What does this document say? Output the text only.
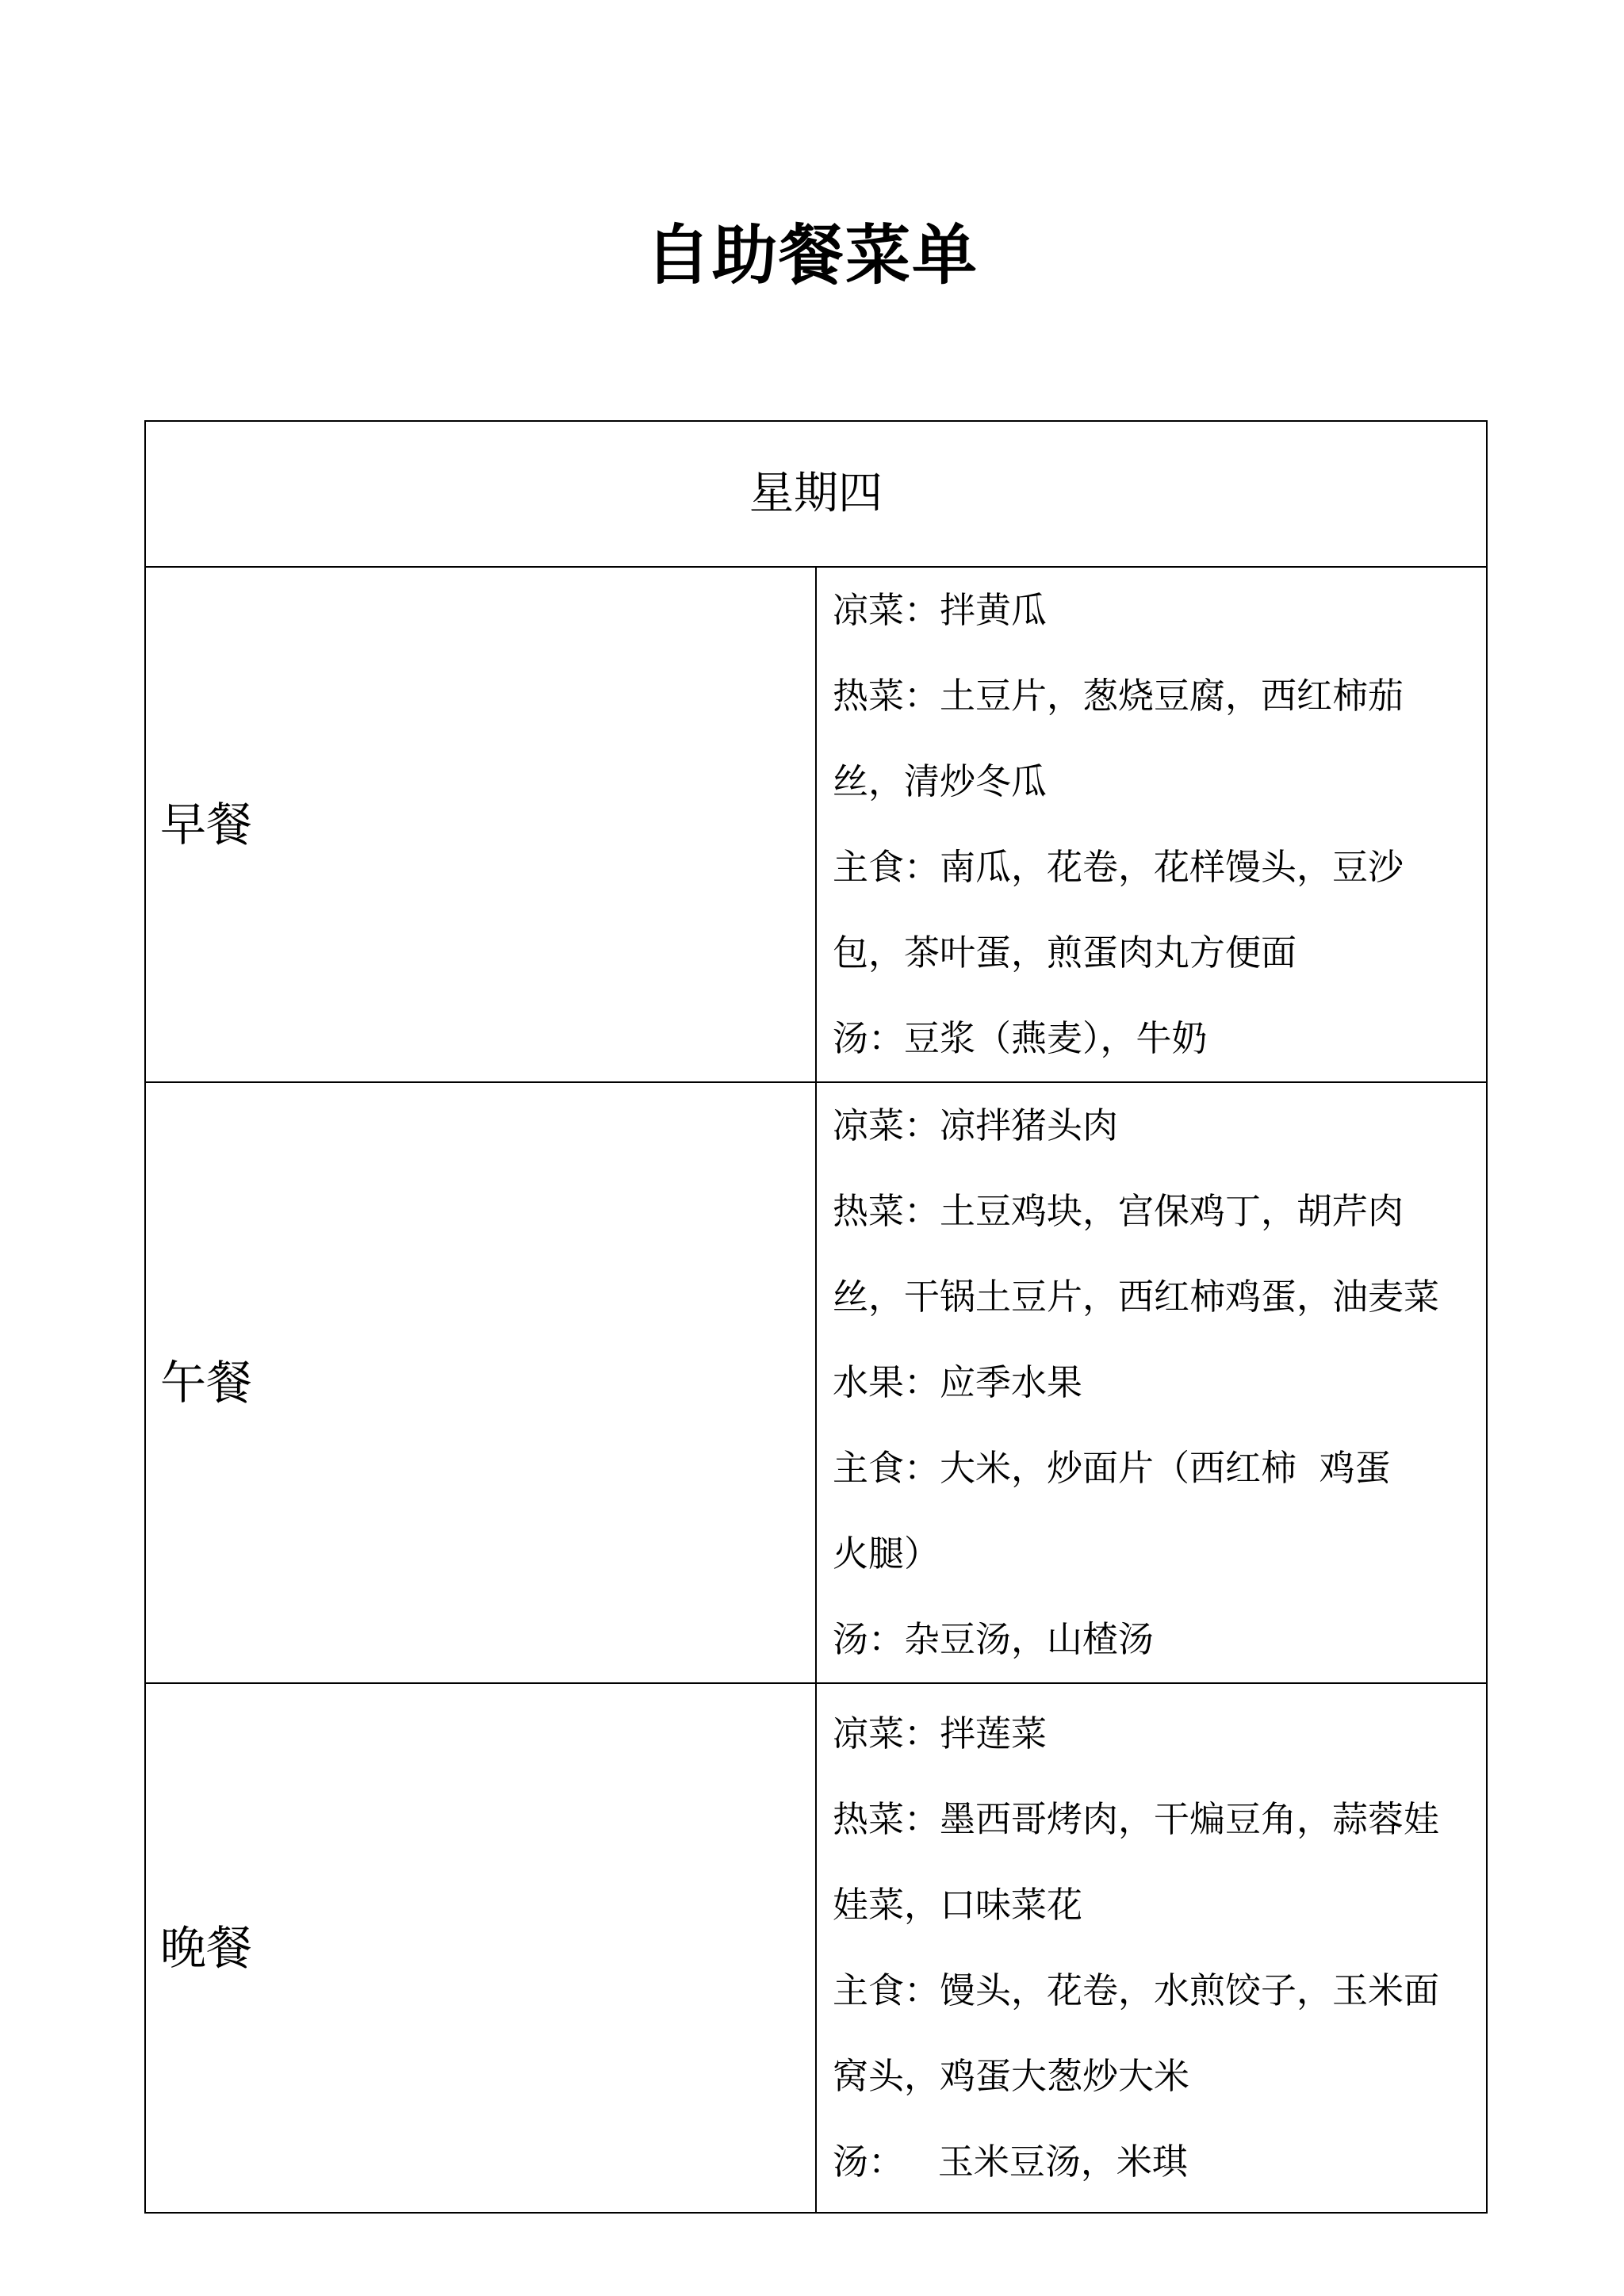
自助餐菜单
星期四	
早餐	凉菜：拌黄瓜
热菜：土豆片，葱烧豆腐，西红柿茄丝，清炒冬瓜
主食：南瓜，花卷，花样馒头，豆沙包，茶叶蛋，煎蛋肉丸方便面
汤：豆浆（燕麦），牛奶

午餐	凉菜：凉拌猪头肉
热菜：土豆鸡块，宫保鸡丁，胡芹肉丝，干锅土豆片，西红柿鸡蛋，油麦菜
水果：应季水果
主食：大米，炒面片（西红柿  鸡蛋    火腿）
汤：杂豆汤，山楂汤

晚餐	凉菜：拌莲菜
热菜：墨西哥烤肉，干煸豆角，蒜蓉娃娃菜，口味菜花
主食：馒头，花卷，水煎饺子，玉米面窝头，鸡蛋大葱炒大米
汤：   玉米豆汤，米琪
